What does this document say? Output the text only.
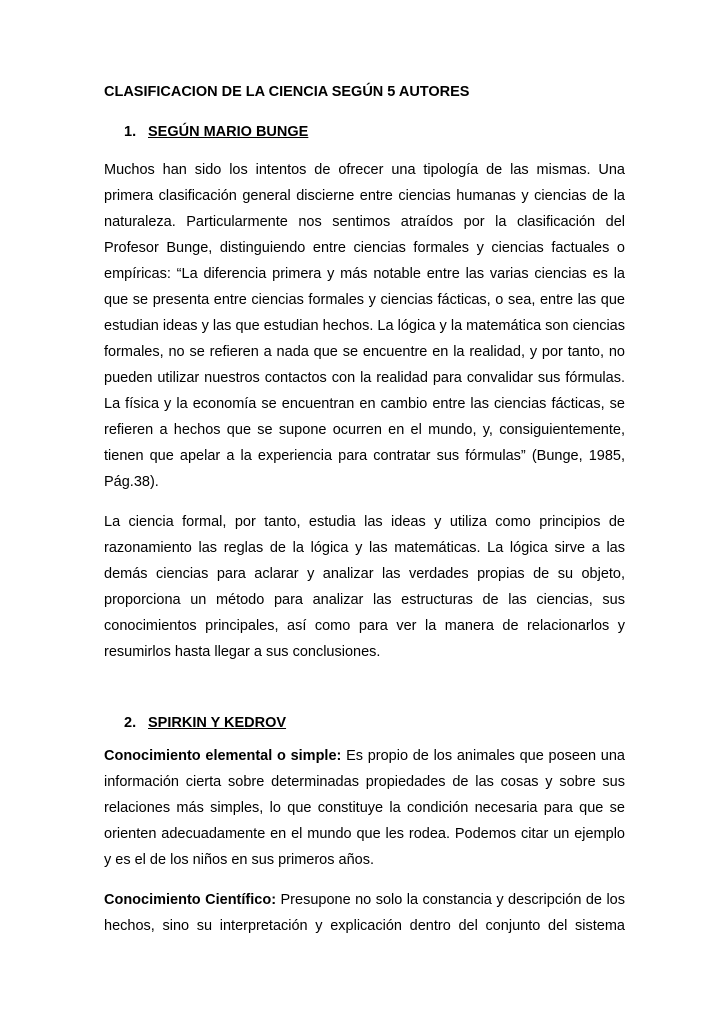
CLASIFICACION DE LA CIENCIA SEGÚN 5 AUTORES

1. SEGÚN MARIO BUNGE

Muchos han sido los intentos de ofrecer una tipología de las mismas. Una primera clasificación general discierne entre ciencias humanas y ciencias de la naturaleza. Particularmente nos sentimos atraídos por la clasificación del Profesor Bunge, distinguiendo entre ciencias formales y ciencias factuales o empíricas: “La diferencia primera y más notable entre las varias ciencias es la que se presenta entre ciencias formales y ciencias fácticas, o sea, entre las que estudian ideas y las que estudian hechos. La lógica y la matemática son ciencias formales, no se refieren a nada que se encuentre en la realidad, y por tanto, no pueden utilizar nuestros contactos con la realidad para convalidar sus fórmulas. La física y la economía se encuentran en cambio entre las ciencias fácticas, se refieren a hechos que se supone ocurren en el mundo, y, consiguientemente, tienen que apelar a la experiencia para contratar sus fórmulas” (Bunge, 1985, Pág.38).

La ciencia formal, por tanto, estudia las ideas y utiliza como principios de razonamiento las reglas de la lógica y las matemáticas. La lógica sirve a las demás ciencias para aclarar y analizar las verdades propias de su objeto, proporciona un método para analizar las estructuras de las ciencias, sus conocimientos principales, así como para ver la manera de relacionarlos y resumirlos hasta llegar a sus conclusiones.

2. SPIRKIN Y KEDROV

Conocimiento elemental o simple: Es propio de los animales que poseen una información cierta sobre determinadas propiedades de las cosas y sobre sus relaciones más simples, lo que constituye la condición necesaria para que se orienten adecuadamente en el mundo que les rodea. Podemos citar un ejemplo y es el de los niños en sus primeros años.

Conocimiento Científico: Presupone no solo la constancia y descripción de los hechos, sino su interpretación y explicación dentro del conjunto del sistema
